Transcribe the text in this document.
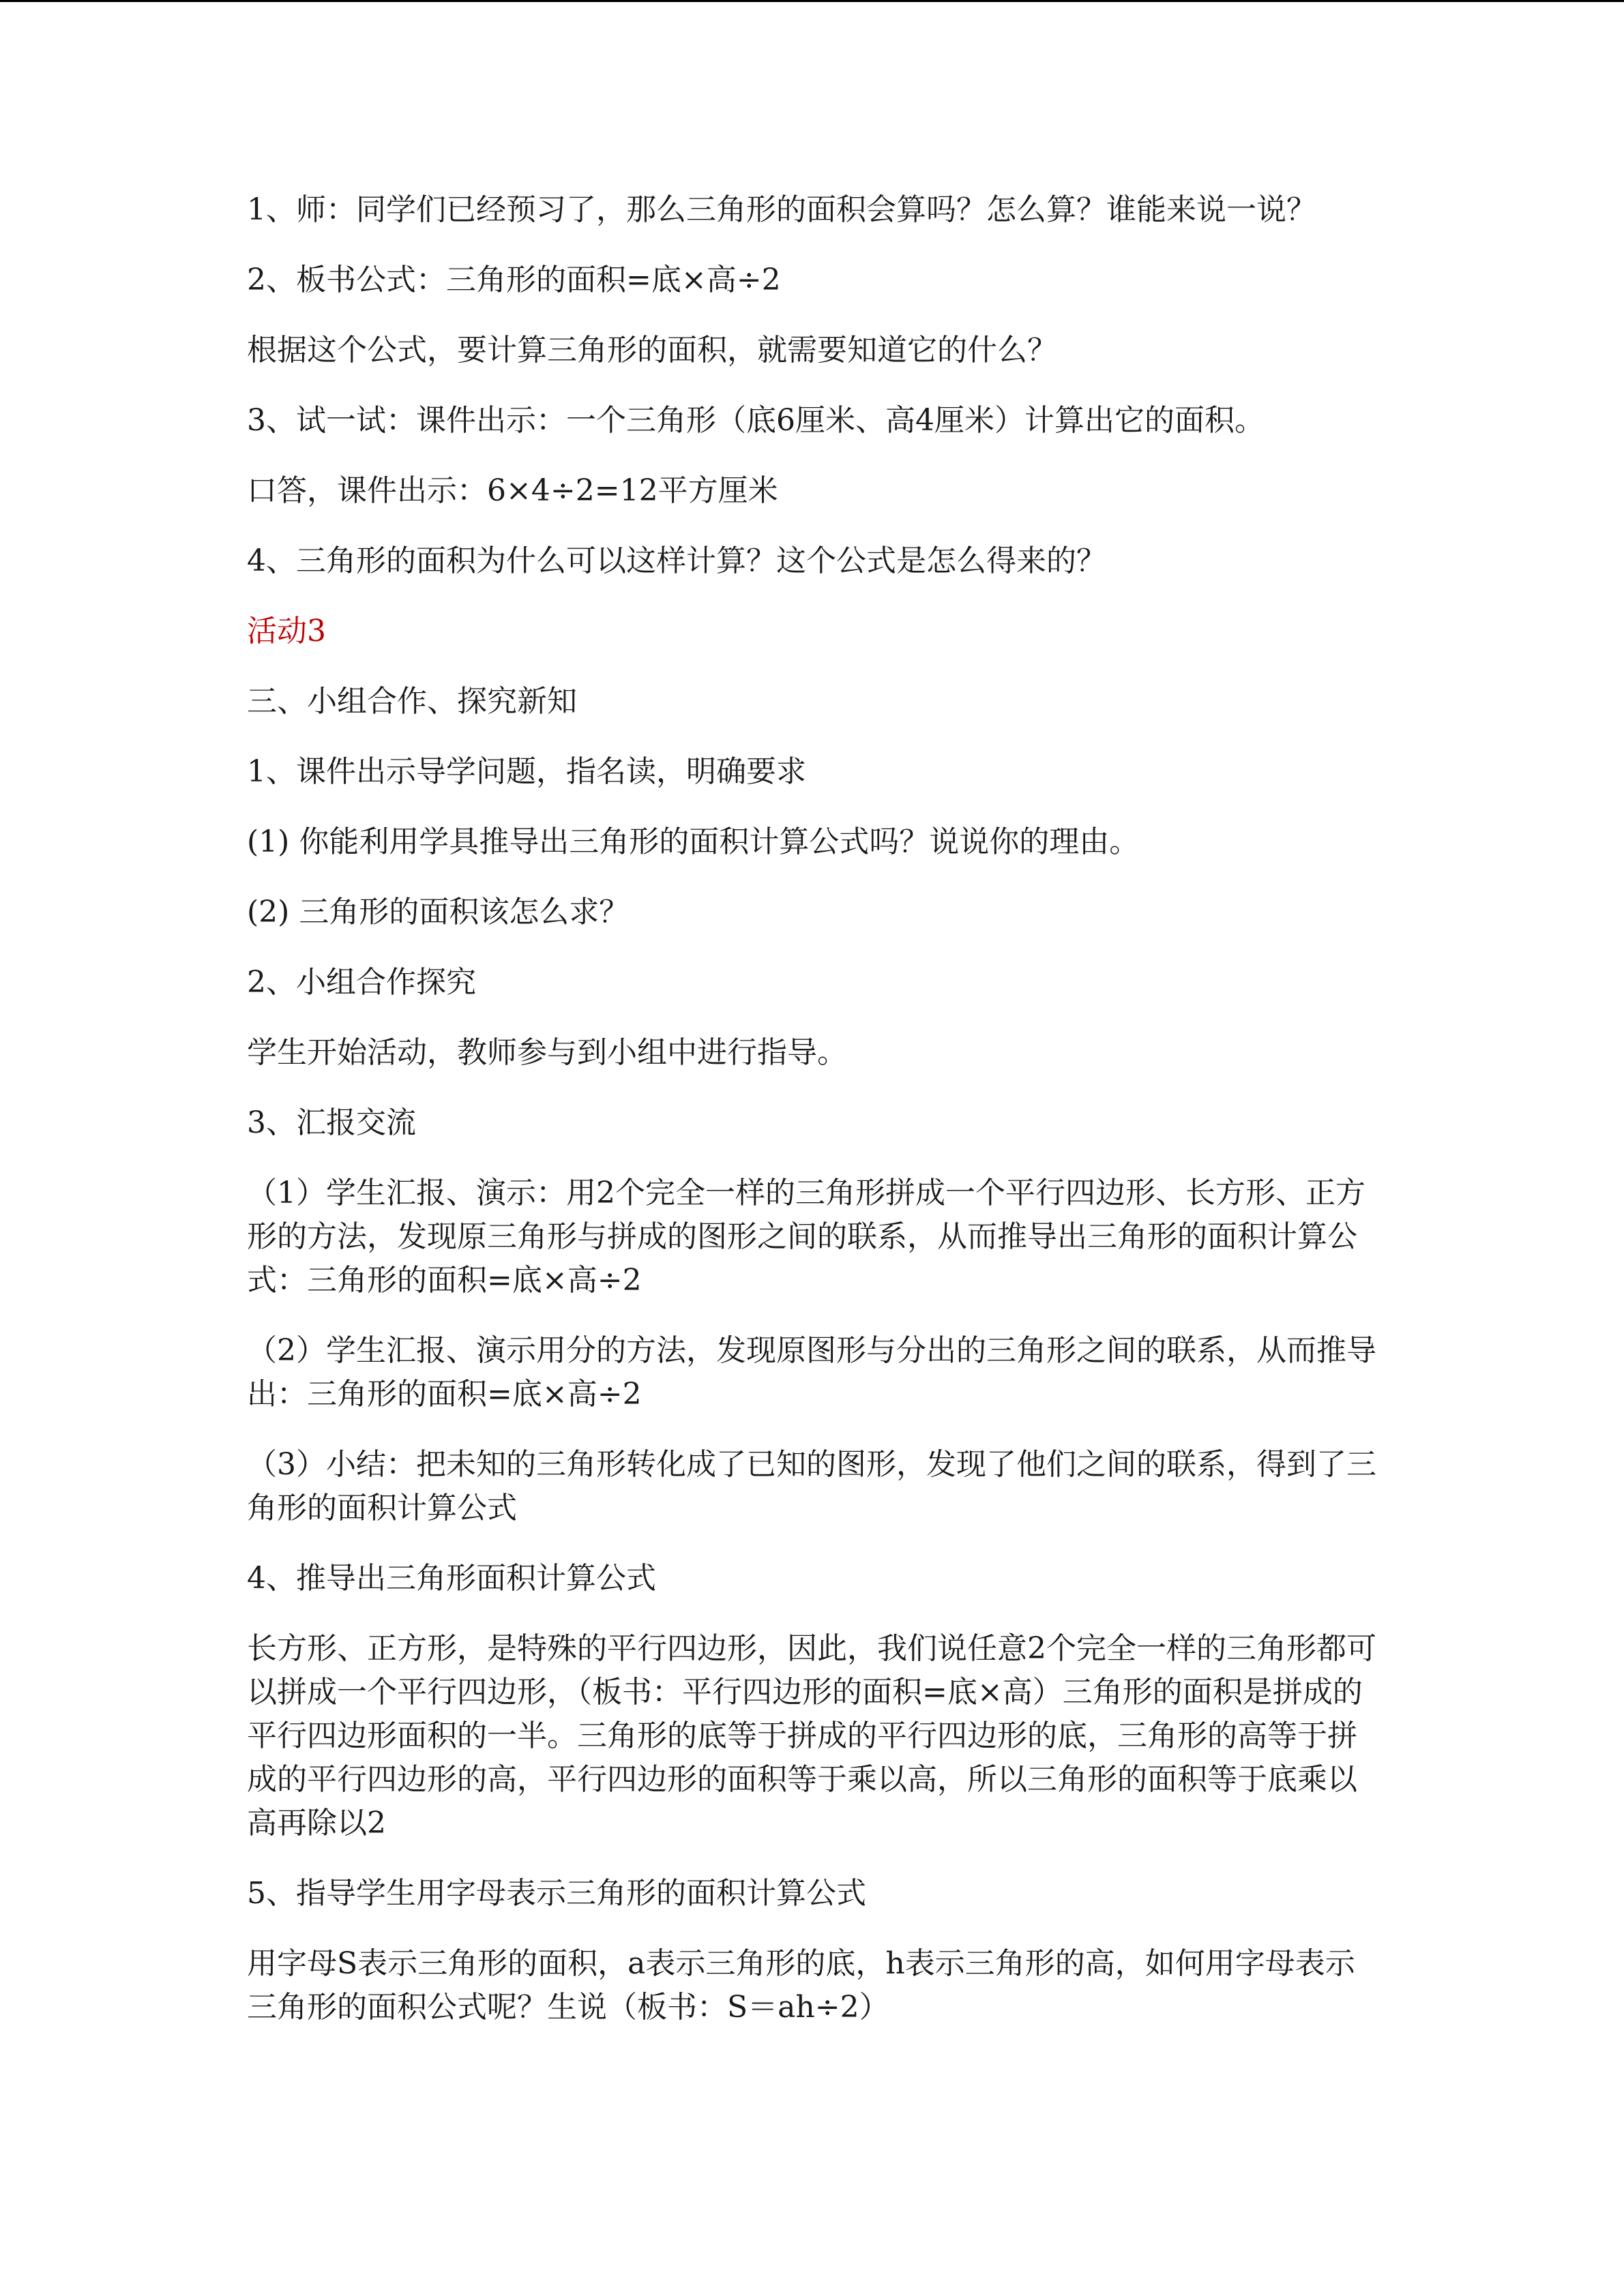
1、师：同学们已经预习了，那么三角形的面积会算吗？怎么算？谁能来说一说？

2、板书公式：三角形的面积=底×高÷2

根据这个公式，要计算三角形的面积，就需要知道它的什么？

3、试一试：课件出示：一个三角形（底6厘米、高4厘米）计算出它的面积。

口答，课件出示：6×4÷2=12平方厘米

4、三角形的面积为什么可以这样计算？这个公式是怎么得来的？

活动3

三、小组合作、探究新知

1、课件出示导学问题，指名读，明确要求

(1) 你能利用学具推导出三角形的面积计算公式吗？说说你的理由。

(2) 三角形的面积该怎么求？

2、小组合作探究

学生开始活动，教师参与到小组中进行指导。

3、汇报交流

（1）学生汇报、演示：用2个完全一样的三角形拼成一个平行四边形、长方形、正方形的方法，发现原三角形与拼成的图形之间的联系，从而推导出三角形的面积计算公式：三角形的面积=底×高÷2

（2）学生汇报、演示用分的方法，发现原图形与分出的三角形之间的联系，从而推导出：三角形的面积=底×高÷2

（3）小结：把未知的三角形转化成了已知的图形，发现了他们之间的联系，得到了三角形的面积计算公式

4、推导出三角形面积计算公式

长方形、正方形，是特殊的平行四边形，因此，我们说任意2个完全一样的三角形都可以拼成一个平行四边形，（板书：平行四边形的面积=底×高）三角形的面积是拼成的平行四边形面积的一半。三角形的底等于拼成的平行四边形的底，三角形的高等于拼成的平行四边形的高，平行四边形的面积等于乘以高，所以三角形的面积等于底乘以高再除以2

5、指导学生用字母表示三角形的面积计算公式

用字母S表示三角形的面积，a表示三角形的底，h表示三角形的高，如何用字母表示三角形的面积公式呢？生说（板书：S＝ah÷2）
